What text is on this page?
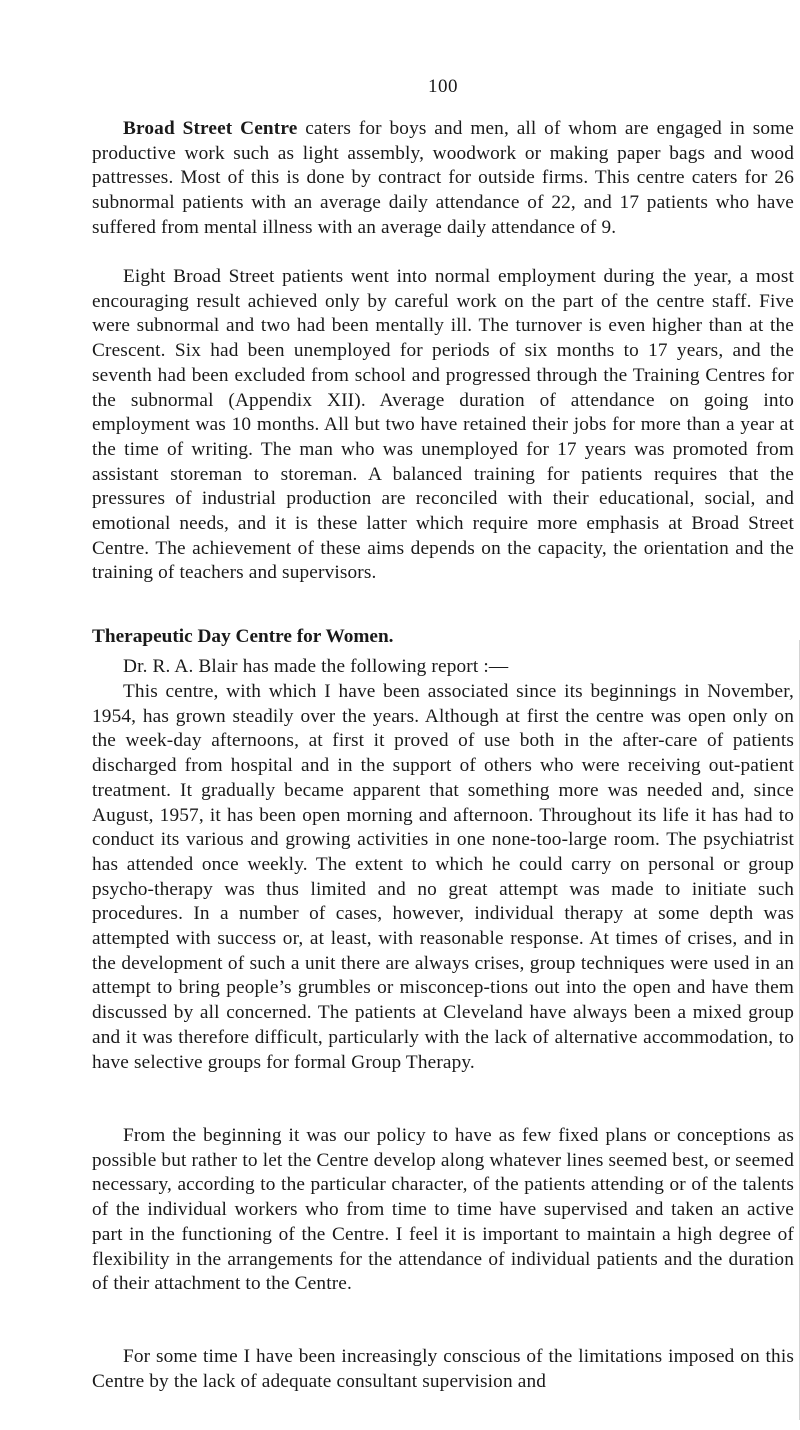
100

Broad Street Centre caters for boys and men, all of whom are engaged in some productive work such as light assembly, woodwork or making paper bags and wood pattresses. Most of this is done by contract for outside firms. This centre caters for 26 subnormal patients with an average daily attendance of 22, and 17 patients who have suffered from mental illness with an average daily attendance of 9.

Eight Broad Street patients went into normal employment during the year, a most encouraging result achieved only by careful work on the part of the centre staff. Five were subnormal and two had been mentally ill. The turnover is even higher than at the Crescent. Six had been unemployed for periods of six months to 17 years, and the seventh had been excluded from school and progressed through the Training Centres for the subnormal (Appendix XII). Average duration of attendance on going into employment was 10 months. All but two have retained their jobs for more than a year at the time of writing. The man who was unemployed for 17 years was promoted from assistant storeman to storeman. A balanced training for patients requires that the pressures of industrial production are reconciled with their educational, social, and emotional needs, and it is these latter which require more emphasis at Broad Street Centre. The achievement of these aims depends on the capacity, the orientation and the training of teachers and supervisors.

Therapeutic Day Centre for Women.

Dr. R. A. Blair has made the following report :—

This centre, with which I have been associated since its beginnings in November, 1954, has grown steadily over the years. Although at first the centre was open only on the week-day afternoons, at first it proved of use both in the after-care of patients discharged from hospital and in the support of others who were receiving out-patient treatment. It gradually became apparent that something more was needed and, since August, 1957, it has been open morning and afternoon. Throughout its life it has had to conduct its various and growing activities in one none-too-large room. The psychiatrist has attended once weekly. The extent to which he could carry on personal or group psycho-therapy was thus limited and no great attempt was made to initiate such procedures. In a number of cases, however, individual therapy at some depth was attempted with success or, at least, with reasonable response. At times of crises, and in the development of such a unit there are always crises, group techniques were used in an attempt to bring people’s grumbles or misconcep-tions out into the open and have them discussed by all concerned. The patients at Cleveland have always been a mixed group and it was therefore difficult, particularly with the lack of alternative accommodation, to have selective groups for formal Group Therapy.

From the beginning it was our policy to have as few fixed plans or conceptions as possible but rather to let the Centre develop along whatever lines seemed best, or seemed necessary, according to the particular character, of the patients attending or of the talents of the individual workers who from time to time have supervised and taken an active part in the functioning of the Centre. I feel it is important to maintain a high degree of flexibility in the arrangements for the attendance of individual patients and the duration of their attachment to the Centre.

For some time I have been increasingly conscious of the limitations imposed on this Centre by the lack of adequate consultant supervision and
